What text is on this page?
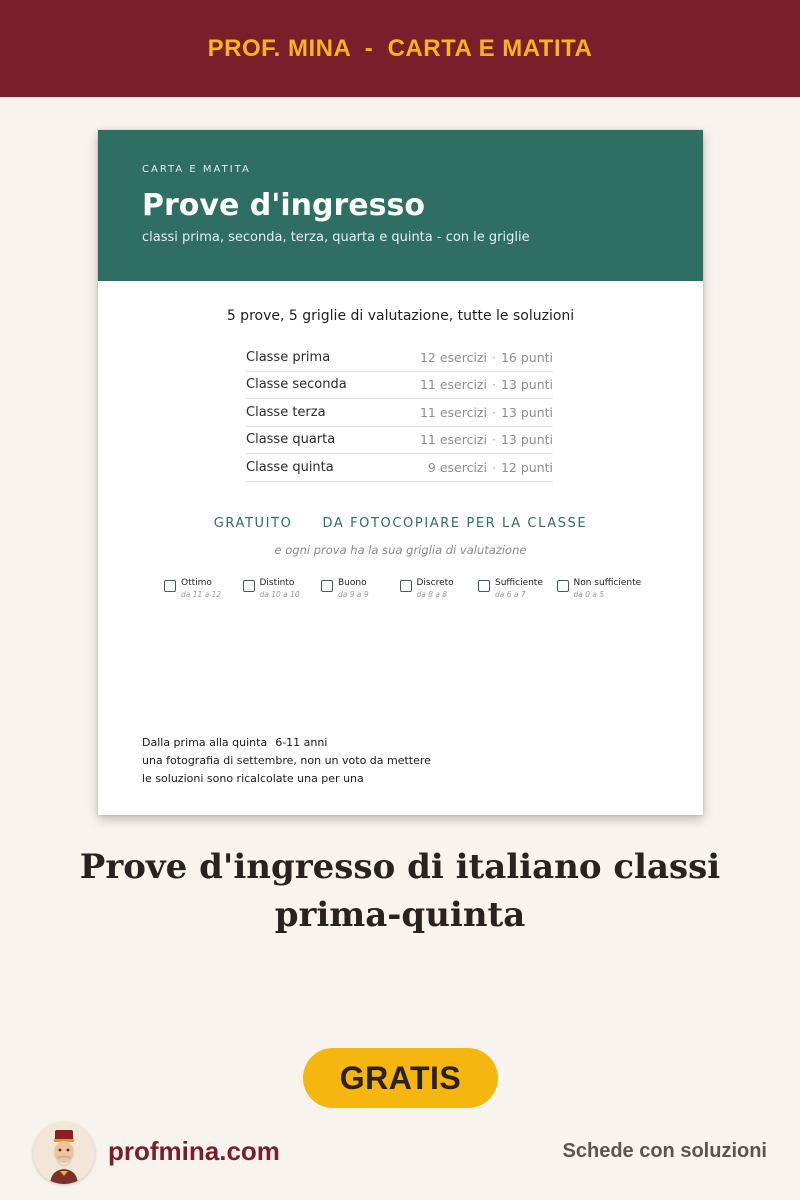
PROF. MINA  -  CARTA E MATITA
CARTA E MATITA
Prove d'ingresso
classi prima, seconda, terza, quarta e quinta - con le griglie
5 prove, 5 griglie di valutazione, tutte le soluzioni
Classe prima	12 esercizi · 16 punti
Classe seconda	11 esercizi · 13 punti
Classe terza	11 esercizi · 13 punti
Classe quarta	11 esercizi · 13 punti
Classe quinta	9 esercizi · 12 punti
GRATUITO DA FOTOCOPIARE PER LA CLASSE
e ogni prova ha la sua griglia di valutazione
Ottimo
da 11 a 12
Distinto
da 10 a 10
Buono
da 9 a 9
Discreto
da 8 a 8
Sufficiente
da 6 a 7
Non sufficiente
da 0 a 5
Dalla prima alla quinta 6-11 anni
una fotografia di settembre, non un voto da mettere
le soluzioni sono ricalcolate una per una
Prove d'ingresso di italiano classi prima-quinta
GRATIS
profmina.com	Schede con soluzioni
